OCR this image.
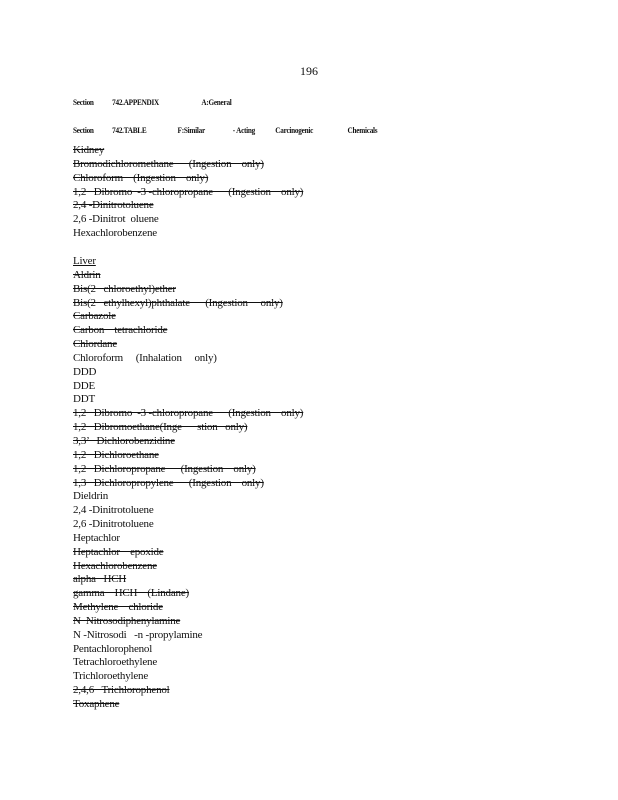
196
Section 742.APPENDIX	A:General
Section 742.TABLE	F:Similar	- Acting Carcinogenic	Chemicals
Kidney
Bromodichloromethane      (Ingestion    only)
Chloroform    (Ingestion    only)
1,2   Dibromo  -3 -chloropropane      (Ingestion    only)
2,4 -Dinitrotoluene
2,6 -Dinitrot  oluene
Hexachlorobenzene
Liver
Aldrin
Bis(2   chloroethyl)ether
Bis(2   ethylhexyl)phthalate      (Ingestion     only)
Carbazole
Carbon    tetrachloride
Chlordane
Chloroform     (Inhalation     only)
DDD
DDE
DDT
1,2   Dibromo  -3 -chloropropane      (Ingestion    only)
1,2   Dibromoethane(Inge      stion   only)
3,3’   Dichlorobenzidine
1,2   Dichloroethane
1,2   Dichloropropane      (Ingestion    only)
1,3   Dichloropropylene      (Ingestion    only)
Dieldrin
2,4 -Dinitrotoluene
2,6 -Dinitrotoluene
Heptachlor
Heptachlor    epoxide
Hexachlorobenzene
alpha   HCH
gamma    HCH    (Lindane)
Methylene    chloride
N  Nitrosodiphenylamine
N -Nitrosodi   -n -propylamine
Pentachlorophenol
Tetrachloroethylene
Trichloroethylene
2,4,6   Trichlorophenol
Toxaphene
